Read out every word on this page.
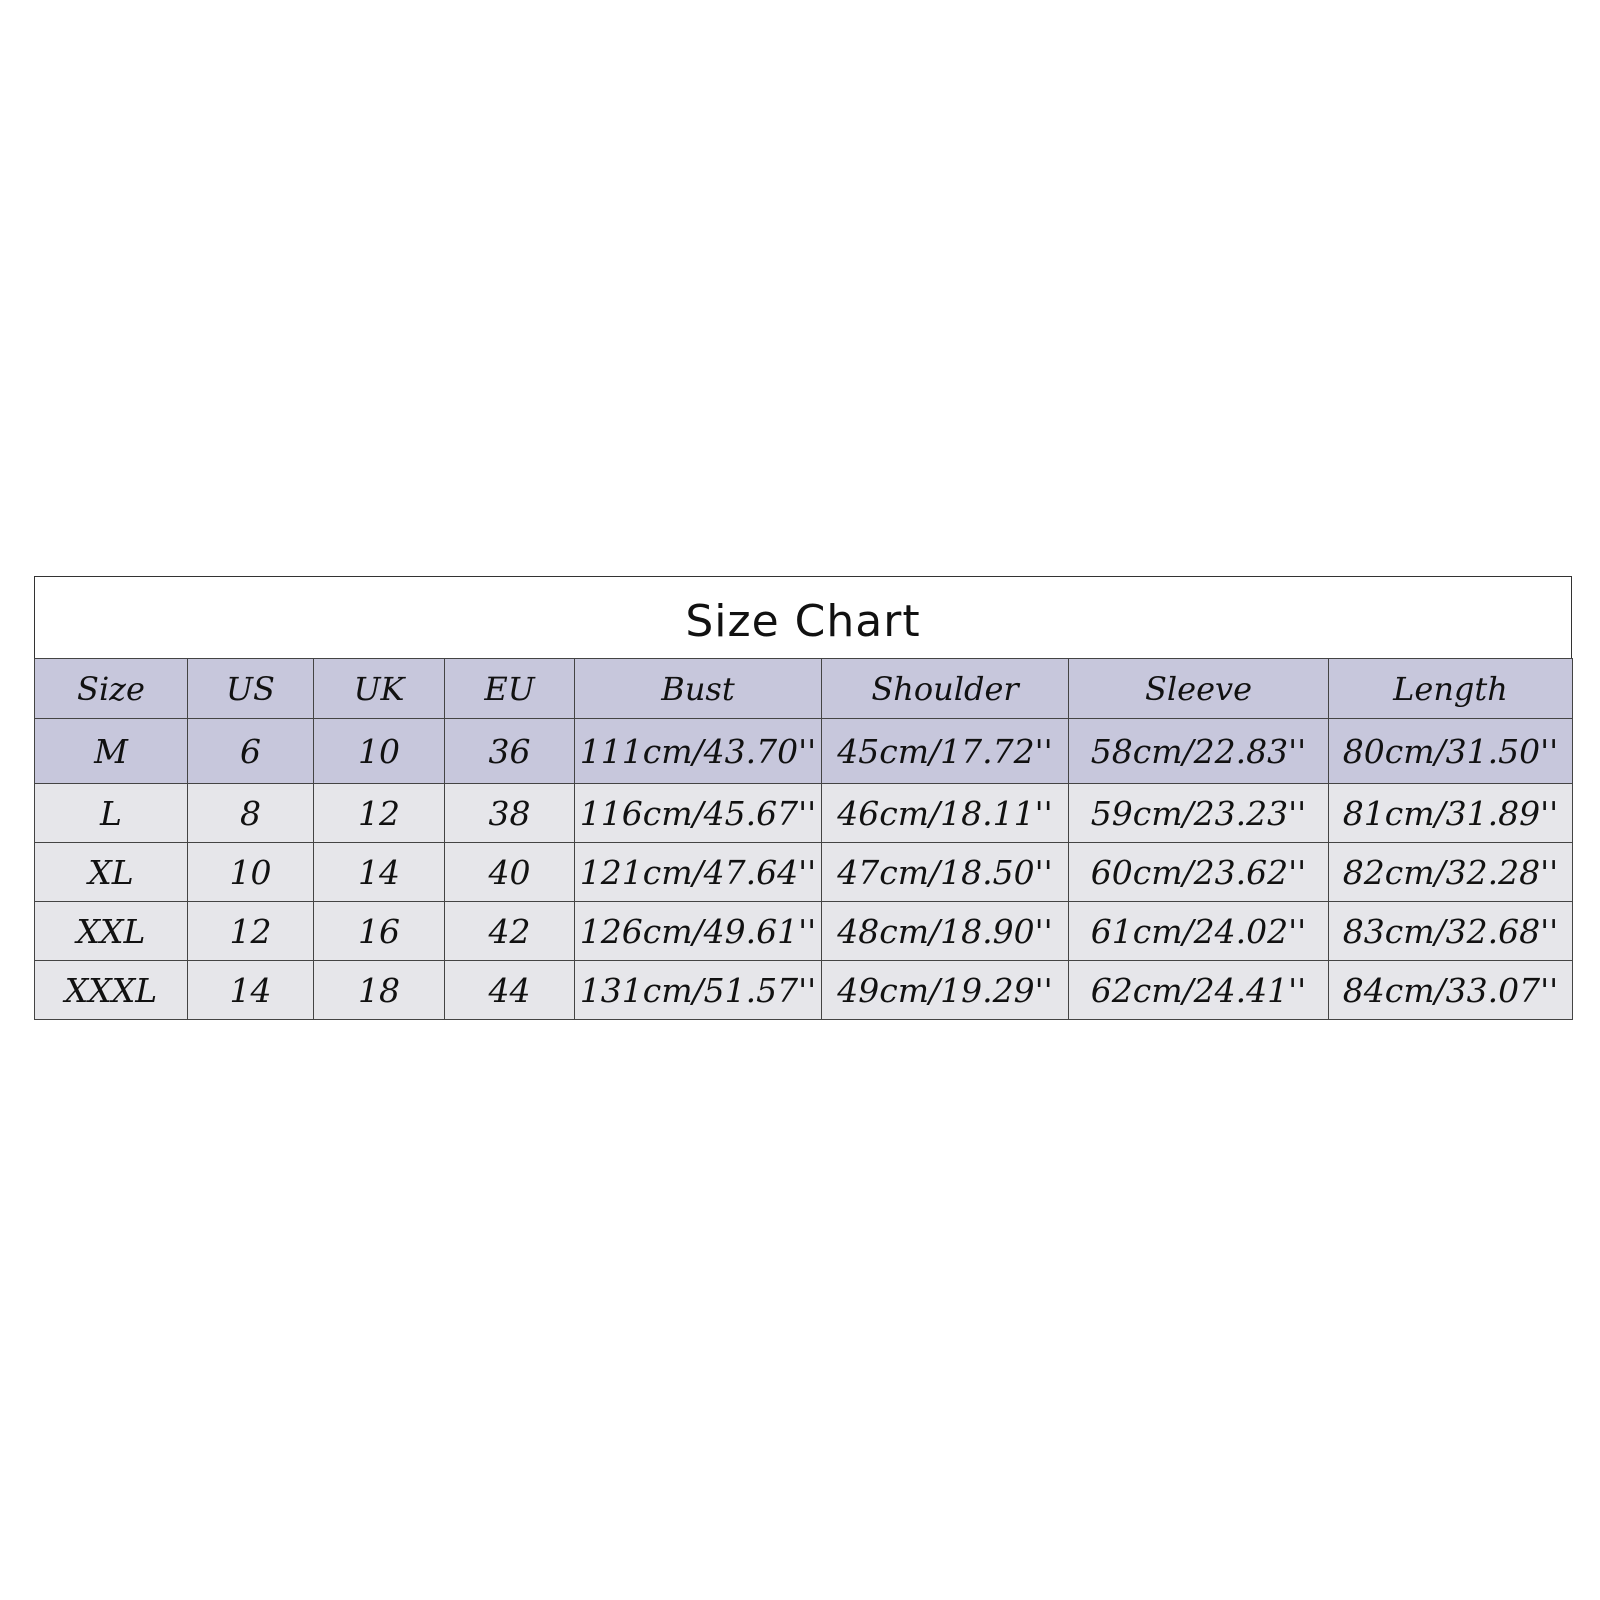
Size Chart
Size	US	UK	EU	Bust	Shoulder	Sleeve	Length
M	6	10	36	111cm/43.70''	45cm/17.72''	58cm/22.83''	80cm/31.50''
L	8	12	38	116cm/45.67''	46cm/18.11''	59cm/23.23''	81cm/31.89''
XL	10	14	40	121cm/47.64''	47cm/18.50''	60cm/23.62''	82cm/32.28''
XXL	12	16	42	126cm/49.61''	48cm/18.90''	61cm/24.02''	83cm/32.68''
XXXL	14	18	44	131cm/51.57''	49cm/19.29''	62cm/24.41''	84cm/33.07''
